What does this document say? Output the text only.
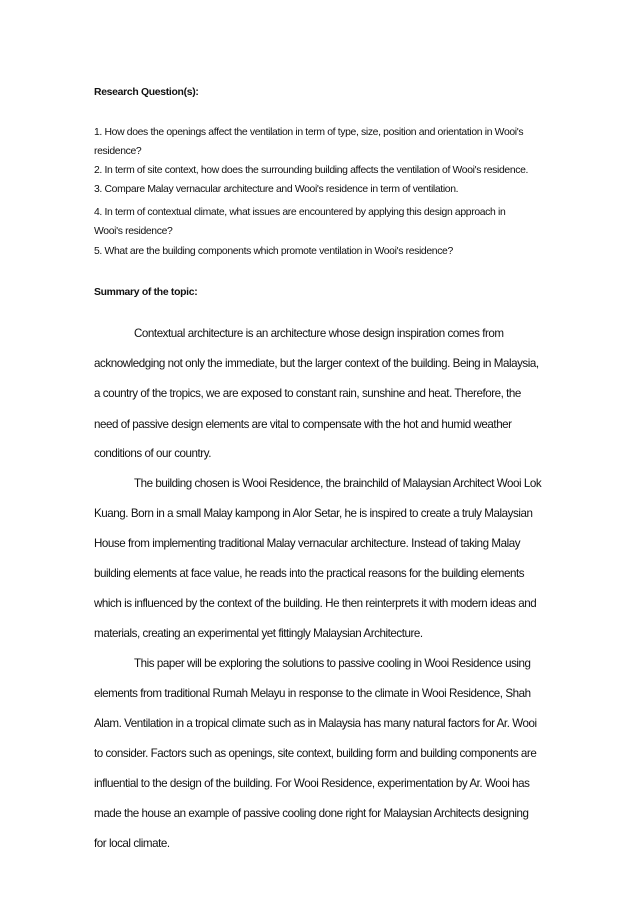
Research Question(s):
1. How does the openings affect the ventilation in term of type, size, position and orientation in Wooi's
residence?
2. In term of site context, how does the surrounding building affects the ventilation of Wooi's residence.
3. Compare Malay vernacular architecture and Wooi's residence in term of ventilation.
4. In term of contextual climate, what issues are encountered by applying this design approach in
Wooi's residence?
5. What are the building components which promote ventilation in Wooi's residence?
Summary of the topic:
Contextual architecture is an architecture whose design inspiration comes from
acknowledging not only the immediate, but the larger context of the building. Being in Malaysia,
a country of the tropics, we are exposed to constant rain, sunshine and heat. Therefore, the
need of passive design elements are vital to compensate with the hot and humid weather
conditions of our country.
The building chosen is Wooi Residence, the brainchild of Malaysian Architect Wooi Lok
Kuang. Born in a small Malay kampong in Alor Setar, he is inspired to create a truly Malaysian
House from implementing traditional Malay vernacular architecture. Instead of taking Malay
building elements at face value, he reads into the practical reasons for the building elements
which is influenced by the context of the building. He then reinterprets it with modern ideas and
materials, creating an experimental yet fittingly Malaysian Architecture.
This paper will be exploring the solutions to passive cooling in Wooi Residence using
elements from traditional Rumah Melayu in response to the climate in Wooi Residence, Shah
Alam. Ventilation in a tropical climate such as in Malaysia has many natural factors for Ar. Wooi
to consider. Factors such as openings, site context, building form and building components are
influential to the design of the building. For Wooi Residence, experimentation by Ar. Wooi has
made the house an example of passive cooling done right for Malaysian Architects designing
for local climate.
